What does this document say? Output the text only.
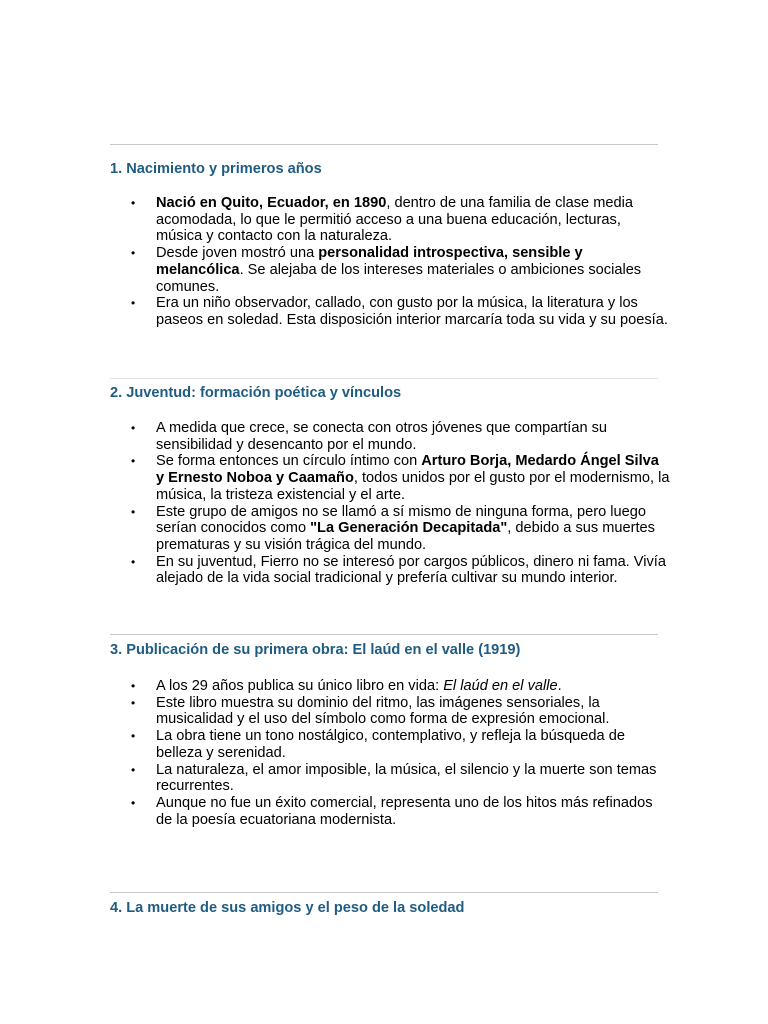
1. Nacimiento y primeros años
• Nació en Quito, Ecuador, en 1890, dentro de una familia de clase media acomodada, lo que le permitió acceso a una buena educación, lecturas, música y contacto con la naturaleza.
• Desde joven mostró una personalidad introspectiva, sensible y melancólica. Se alejaba de los intereses materiales o ambiciones sociales comunes.
• Era un niño observador, callado, con gusto por la música, la literatura y los paseos en soledad. Esta disposición interior marcaría toda su vida y su poesía.
2. Juventud: formación poética y vínculos
• A medida que crece, se conecta con otros jóvenes que compartían su sensibilidad y desencanto por el mundo.
• Se forma entonces un círculo íntimo con Arturo Borja, Medardo Ángel Silva y Ernesto Noboa y Caamaño, todos unidos por el gusto por el modernismo, la música, la tristeza existencial y el arte.
• Este grupo de amigos no se llamó a sí mismo de ninguna forma, pero luego serían conocidos como "La Generación Decapitada", debido a sus muertes prematuras y su visión trágica del mundo.
• En su juventud, Fierro no se interesó por cargos públicos, dinero ni fama. Vivía alejado de la vida social tradicional y prefería cultivar su mundo interior.
3. Publicación de su primera obra: El laúd en el valle (1919)
• A los 29 años publica su único libro en vida: El laúd en el valle.
• Este libro muestra su dominio del ritmo, las imágenes sensoriales, la musicalidad y el uso del símbolo como forma de expresión emocional.
• La obra tiene un tono nostálgico, contemplativo, y refleja la búsqueda de belleza y serenidad.
• La naturaleza, el amor imposible, la música, el silencio y la muerte son temas recurrentes.
• Aunque no fue un éxito comercial, representa uno de los hitos más refinados de la poesía ecuatoriana modernista.
4. La muerte de sus amigos y el peso de la soledad
